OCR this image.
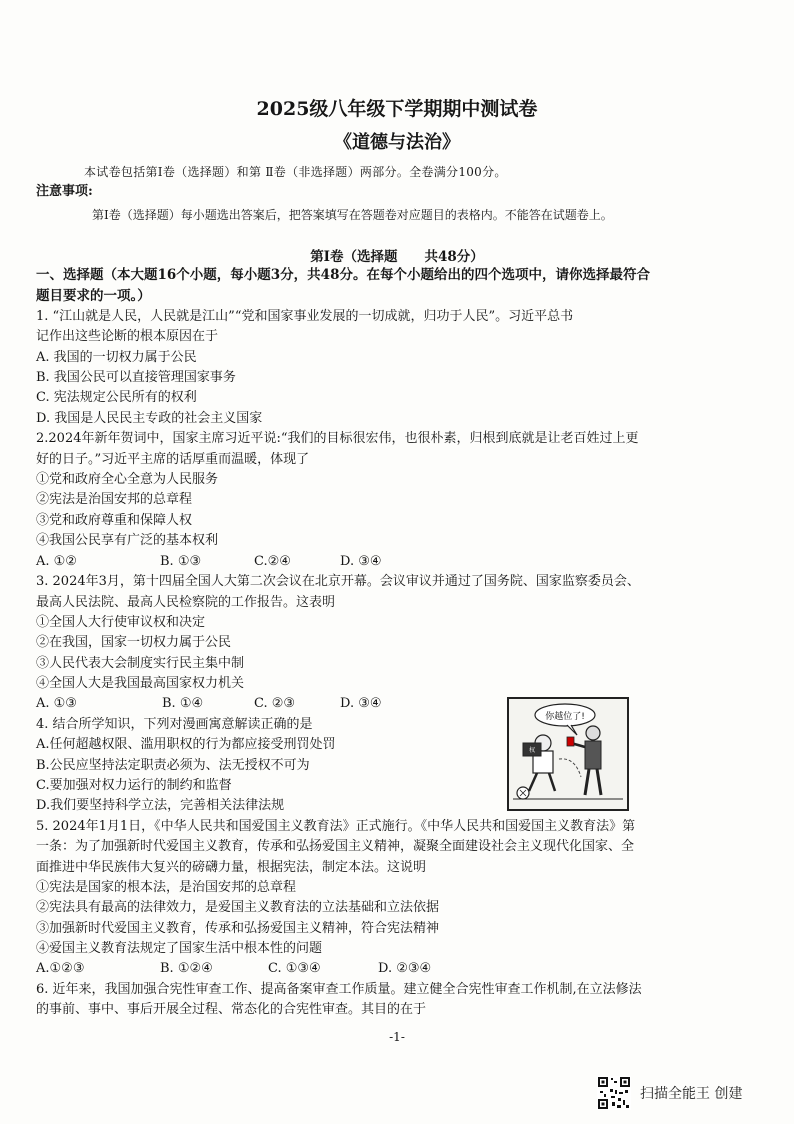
2025级八年级下学期期中测试卷
《道德与法治》
本试卷包括第Ⅰ卷（选择题）和第 Ⅱ卷（非选择题）两部分。全卷满分100分。
注意事项:
第Ⅰ卷（选择题）每小题选出答案后，把答案填写在答题卷对应题目的表格内。不能答在试题卷上。
第Ⅰ卷（选择题　　共48分）
一、选择题（本大题16个小题，每小题3分，共48分。在每个小题给出的四个选项中，请你选择最符合
题目要求的一项。）
1. “江山就是人民，人民就是江山”“党和国家事业发展的一切成就，归功于人民”。习近平总书
记作出这些论断的根本原因在于
A. 我国的一切权力属于公民
B. 我国公民可以直接管理国家事务
C. 宪法规定公民所有的权利
D. 我国是人民民主专政的社会主义国家
2.2024年新年贺词中，国家主席习近平说:“我们的目标很宏伟，也很朴素，归根到底就是让老百姓过上更
好的日子。”习近平主席的话厚重而温暖，体现了
①党和政府全心全意为人民服务
②宪法是治国安邦的总章程
③党和政府尊重和保障人权
④我国公民享有广泛的基本权利
A. ①②	B. ①③	C.②④	D. ③④
3. 2024年3月，第十四届全国人大第二次会议在北京开幕。会议审议并通过了国务院、国家监察委员会、
最高人民法院、最高人民检察院的工作报告。这表明
①全国人大行使审议权和决定
②在我国，国家一切权力属于公民
③人民代表大会制度实行民主集中制
④全国人大是我国最高国家权力机关
A. ①③	B. ①④	C. ②③	D. ③④
4. 结合所学知识，下列对漫画寓意解读正确的是
A.任何超越权限、滥用职权的行为都应接受刑罚处罚
B.公民应坚持法定职责必须为、法无授权不可为
C.要加强对权力运行的制约和监督
D.我们要坚持科学立法，完善相关法律法规
你越位了!
权
5. 2024年1月1日，《中华人民共和国爱国主义教育法》正式施行。《中华人民共和国爱国主义教育法》第
一条：为了加强新时代爱国主义教育，传承和弘扬爱国主义精神，凝聚全面建设社会主义现代化国家、全
面推进中华民族伟大复兴的磅礴力量，根据宪法，制定本法。这说明
①宪法是国家的根本法，是治国安邦的总章程
②宪法具有最高的法律效力，是爱国主义教育法的立法基础和立法依据
③加强新时代爱国主义教育，传承和弘扬爱国主义精神，符合宪法精神
④爱国主义教育法规定了国家生活中根本性的问题
A.①②③	B. ①②④	C. ①③④	D. ②③④
6. 近年来，我国加强合宪性审查工作、提高备案审查工作质量。建立健全合宪性审查工作机制,在立法修法
的事前、事中、事后开展全过程、常态化的合宪性审查。其目的在于
-1-
扫描全能王 创建
